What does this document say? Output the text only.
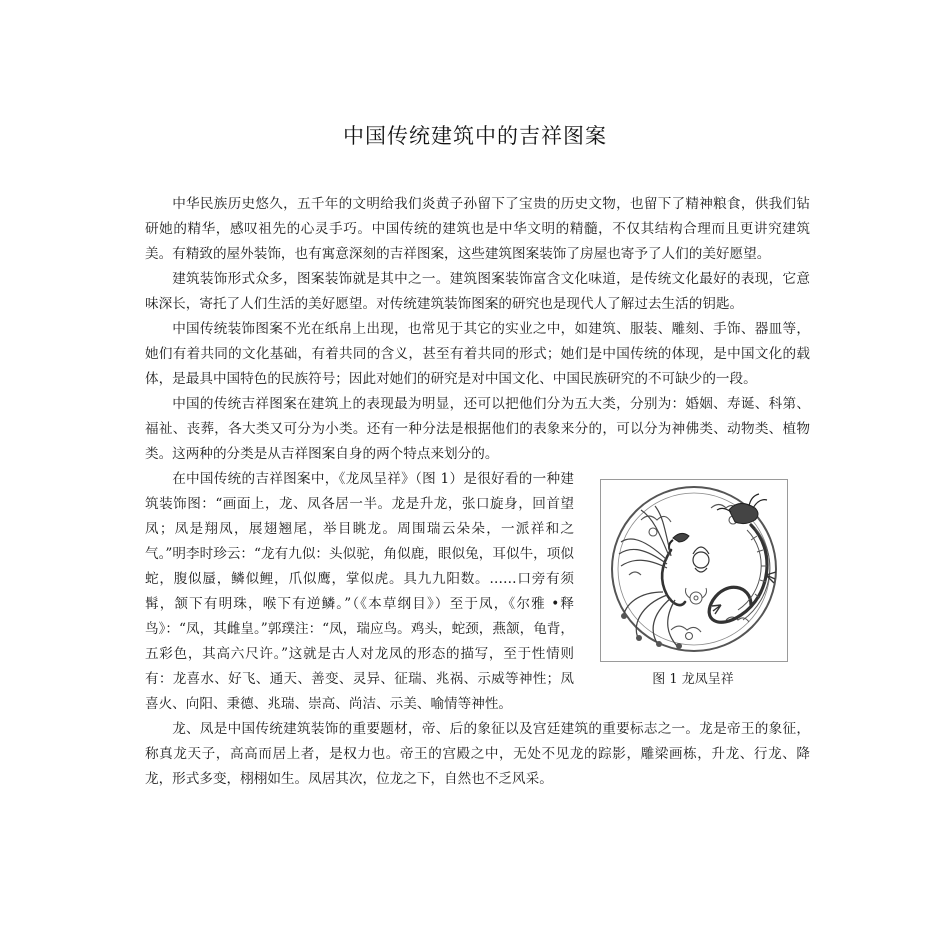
中国传统建筑中的吉祥图案

中华民族历史悠久，五千年的文明给我们炎黄子孙留下了宝贵的历史文物，也留下了精神粮食，供我们钻研她的精华，感叹祖先的心灵手巧。中国传统的建筑也是中华文明的精髓，不仅其结构合理而且更讲究建筑美。有精致的屋外装饰，也有寓意深刻的吉祥图案，这些建筑图案装饰了房屋也寄予了人们的美好愿望。

建筑装饰形式众多，图案装饰就是其中之一。建筑图案装饰富含文化味道，是传统文化最好的表现，它意味深长，寄托了人们生活的美好愿望。对传统建筑装饰图案的研究也是现代人了解过去生活的钥匙。

中国传统装饰图案不光在纸帛上出现，也常见于其它的实业之中，如建筑、服装、雕刻、手饰、器皿等，她们有着共同的文化基础，有着共同的含义，甚至有着共同的形式；她们是中国传统的体现，是中国文化的载体，是最具中国特色的民族符号；因此对她们的研究是对中国文化、中国民族研究的不可缺少的一段。

中国的传统吉祥图案在建筑上的表现最为明显，还可以把他们分为五大类，分别为：婚姻、寿诞、科第、福祉、丧葬，各大类又可分为小类。还有一种分法是根据他们的表象来分的，可以分为神佛类、动物类、植物类。这两种的分类是从吉祥图案自身的两个特点来划分的。

图 1 龙凤呈祥

在中国传统的吉祥图案中，《龙凤呈祥》（图 1）是很好看的一种建筑装饰图：“画面上，龙、凤各居一半。龙是升龙，张口旋身，回首望凤；凤是翔凤，展翅翘尾，举目眺龙。周围瑞云朵朵，一派祥和之气。”明李时珍云：“龙有九似：头似驼，角似鹿，眼似兔，耳似牛，项似蛇，腹似蜃，鳞似鲤，爪似鹰，掌似虎。具九九阳数。……口旁有须髯，颔下有明珠，喉下有逆鳞。”（《本草纲目》）至于凤，《尔雅 •释鸟》：“凤，其雌皇。”郭璞注：“凤，瑞应鸟。鸡头，蛇颈，燕颔，龟背，五彩色，其高六尺许。”这就是古人对龙凤的形态的描写，至于性情则有：龙喜水、好飞、通天、善变、灵异、征瑞、兆祸、示威等神性；凤喜火、向阳、秉德、兆瑞、崇高、尚洁、示美、喻情等神性。

龙、凤是中国传统建筑装饰的重要题材，帝、后的象征以及宫廷建筑的重要标志之一。龙是帝王的象征，称真龙天子，高高而居上者，是权力也。帝王的宫殿之中，无处不见龙的踪影，雕梁画栋，升龙、行龙、降龙，形式多变，栩栩如生。凤居其次，位龙之下，自然也不乏风采。
